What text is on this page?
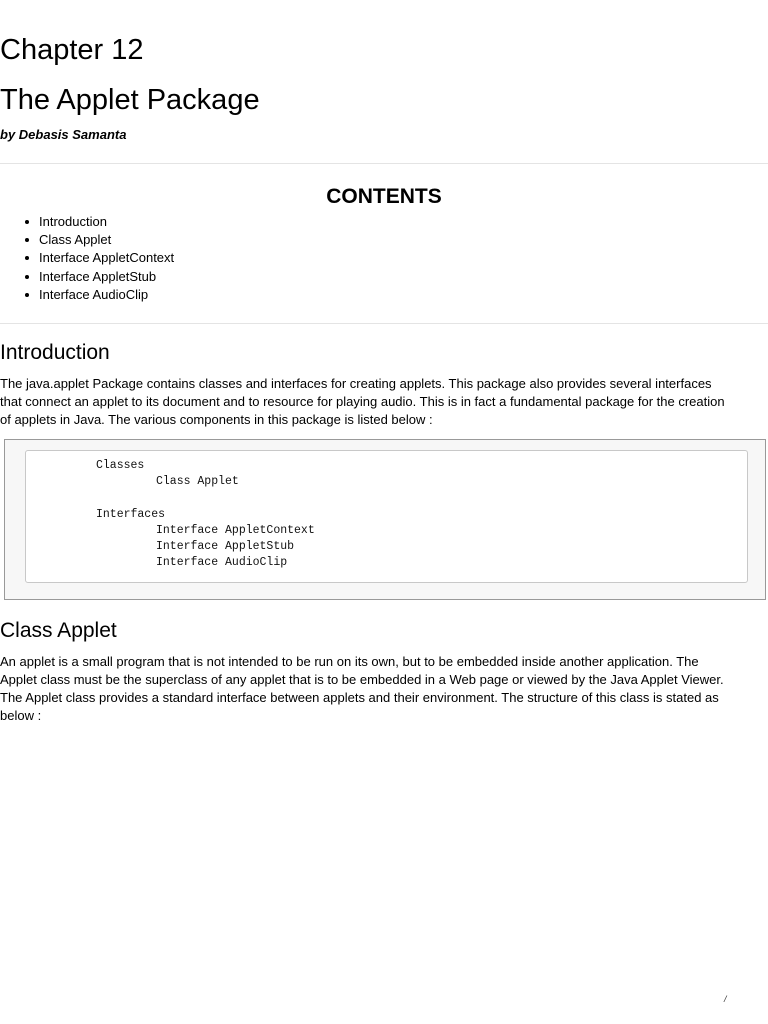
Chapter 12
The Applet Package

by Debasis Samanta

CONTENTS
Introduction
Class Applet
Interface AppletContext
Interface AppletStub
Interface AudioClip
Introduction

The java.applet Package contains classes and interfaces for creating applets. This package also provides several interfaces
that connect an applet to its document and to resource for playing audio. This is in fact a fundamental package for the creation
of applets in Java. The various components in this package is listed below :

Classes
Class Applet
Interfaces
Interface AppletContext
Interface AppletStub
Interface AudioClip
Class Applet

An applet is a small program that is not intended to be run on its own, but to be embedded inside another application. The
Applet class must be the superclass of any applet that is to be embedded in a Web page or viewed by the Java Applet Viewer.
The Applet class provides a standard interface between applets and their environment. The structure of this class is stated as
below :

/
